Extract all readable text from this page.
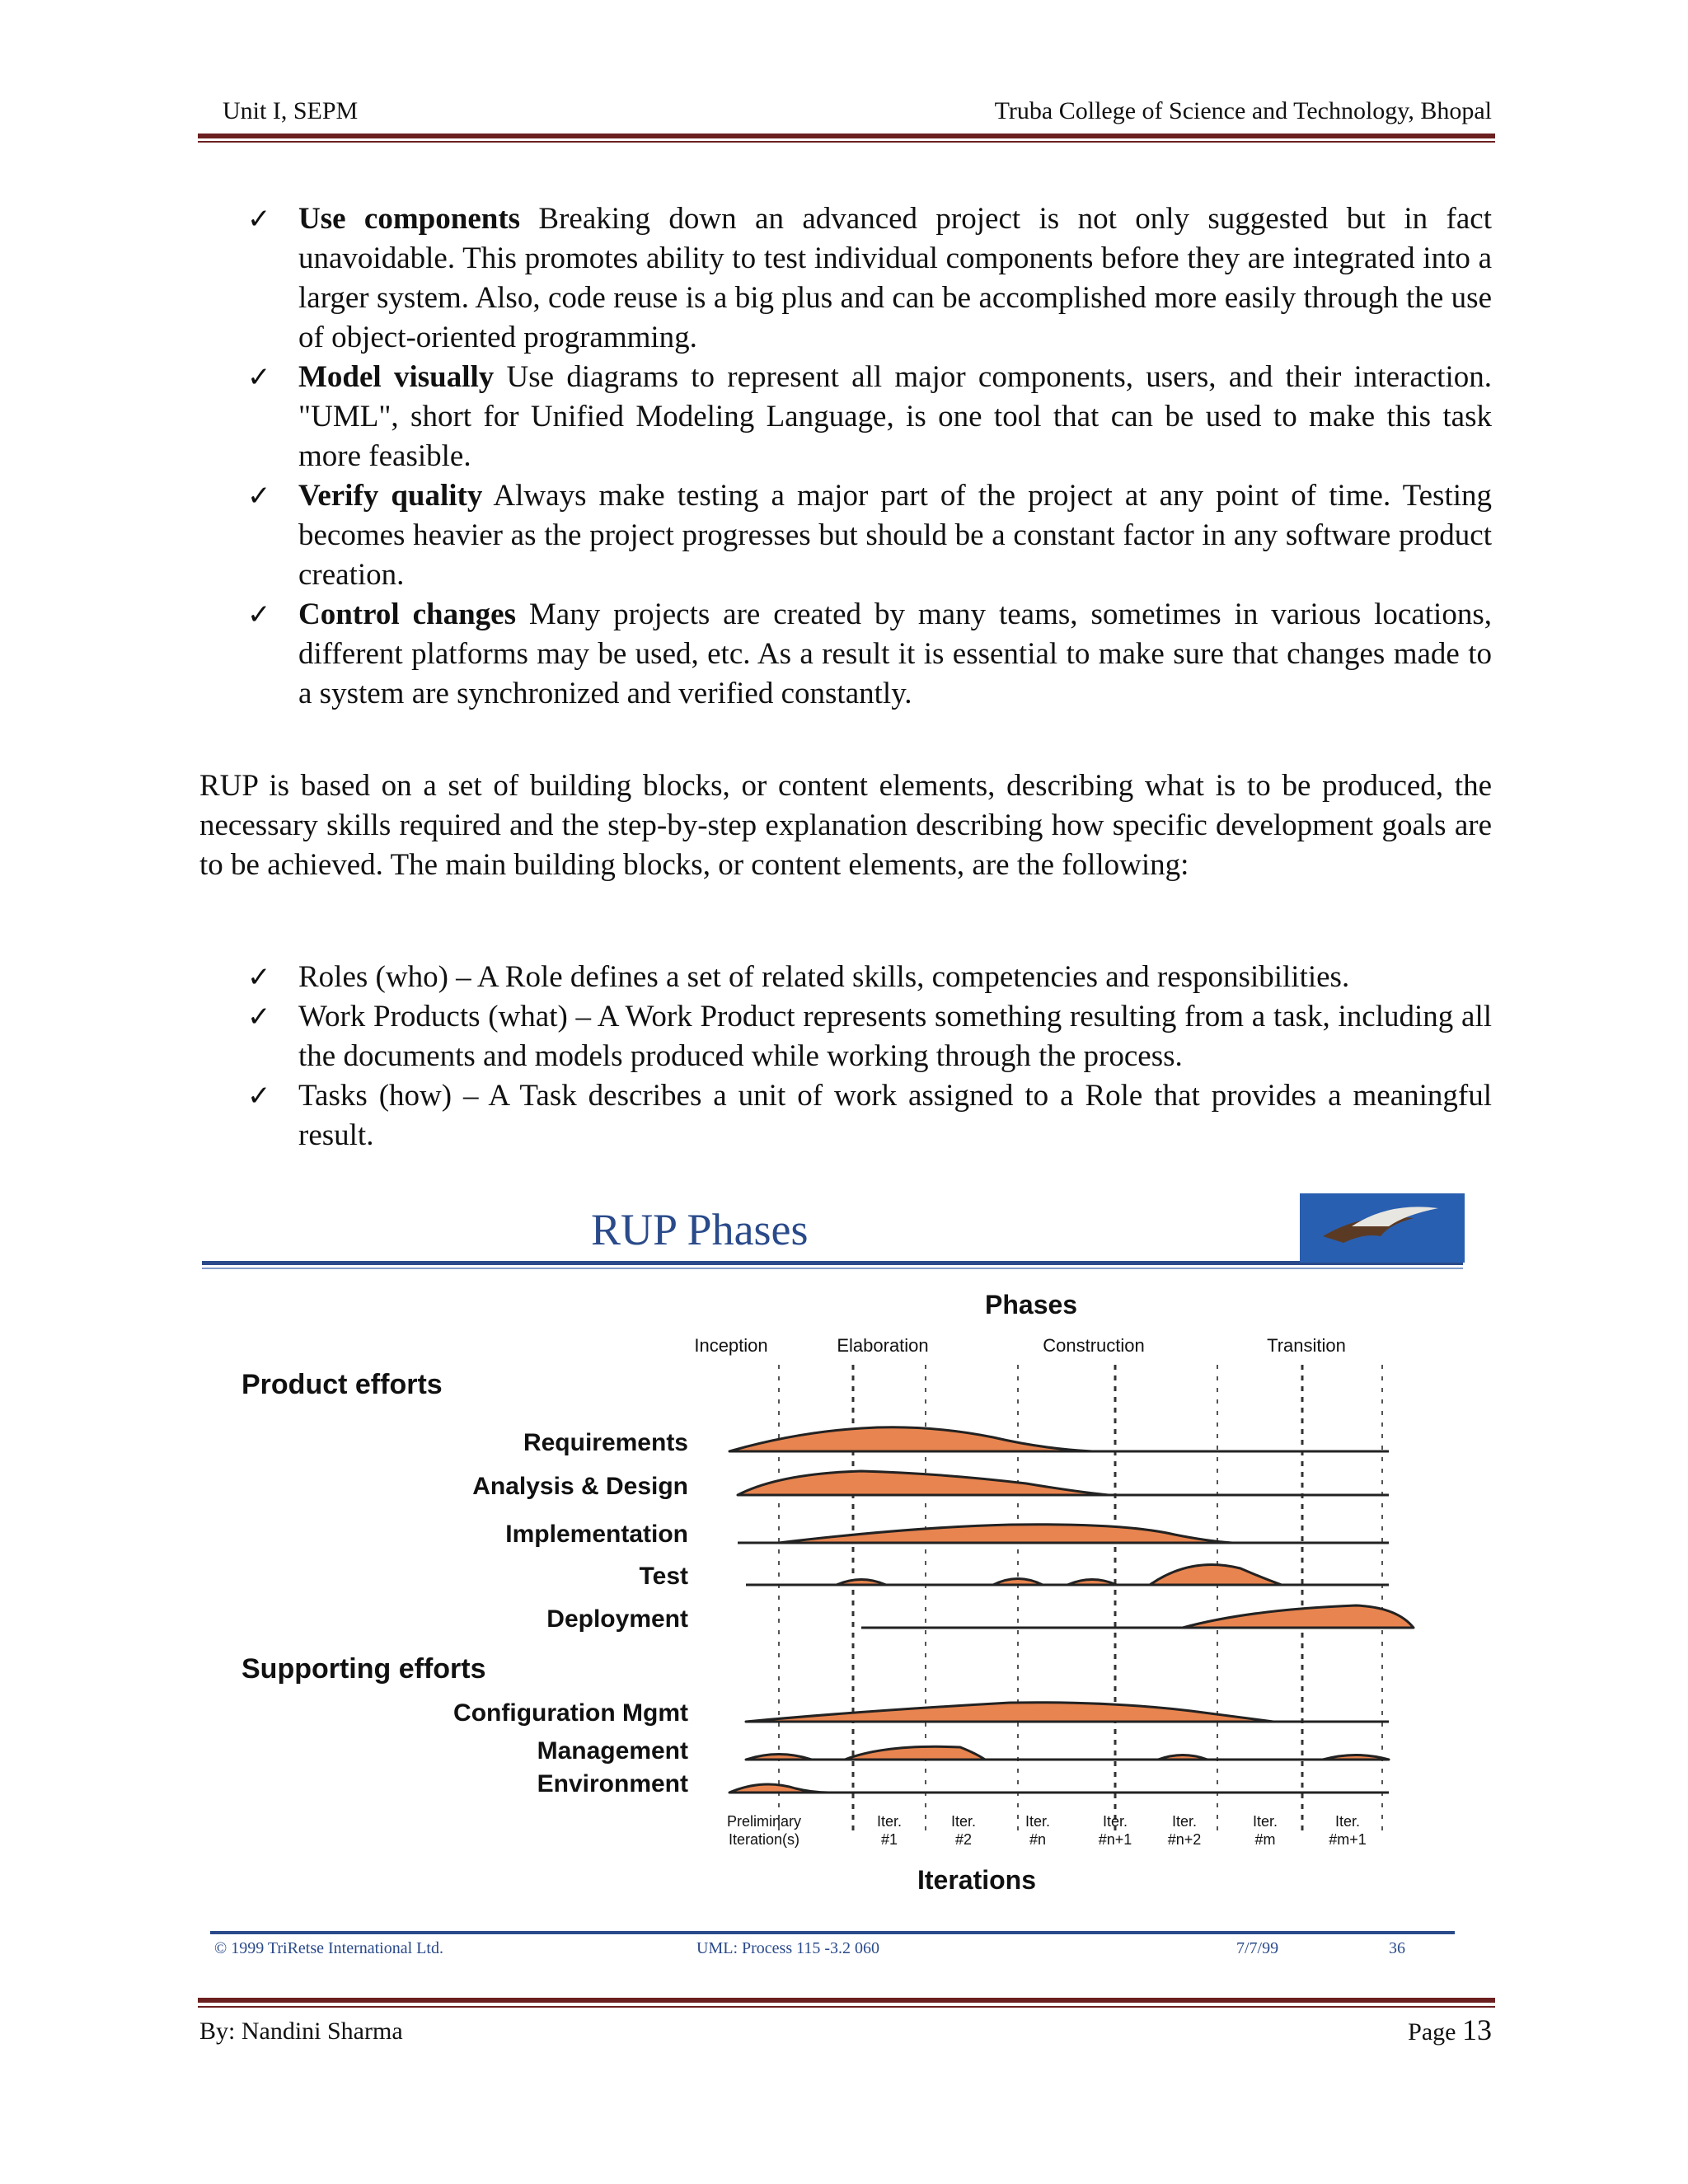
Unit I, SEPM	Truba College of Science and Technology, Bhopal
✓ Use components Breaking down an advanced project is not only suggested but in fact unavoidable. This promotes ability to test individual components before they are integrated into a larger system. Also, code reuse is a big plus and can be accomplished more easily through the use of object-oriented programming.
✓ Model visually Use diagrams to represent all major components, users, and their interaction. "UML", short for Unified Modeling Language, is one tool that can be used to make this task more feasible.
✓ Verify quality Always make testing a major part of the project at any point of time. Testing becomes heavier as the project progresses but should be a constant factor in any software product creation.
✓ Control changes Many projects are created by many teams, sometimes in various locations, different platforms may be used, etc. As a result it is essential to make sure that changes made to a system are synchronized and verified constantly.

RUP is based on a set of building blocks, or content elements, describing what is to be produced, the necessary skills required and the step-by-step explanation describing how specific development goals are to be achieved. The main building blocks, or content elements, are the following:

✓ Roles (who) – A Role defines a set of related skills, competencies and responsibilities.
✓ Work Products (what) – A Work Product represents something resulting from a task, including all the documents and models produced while working through the process.
✓ Tasks (how) – A Task describes a unit of work assigned to a Role that provides a meaningful result.
RUP Phases
Phases
Inception	Elaboration	Construction	Transition
Product efforts
Supporting efforts
Requirements
Analysis & Design
Implementation
Test
Deployment
Configuration Mgmt
Management
Environment
Preliminary
Iteration(s)
Iter.
#1
Iter.
#2
Iter.
#n
Iter.
#n+1
Iter.
#n+2
Iter.
#m
Iter.
#m+1
Iterations
© 1999 TriRetse International Ltd.	UML: Process 115 -3.2 060	7/7/99	36
By: Nandini Sharma	Page 13
